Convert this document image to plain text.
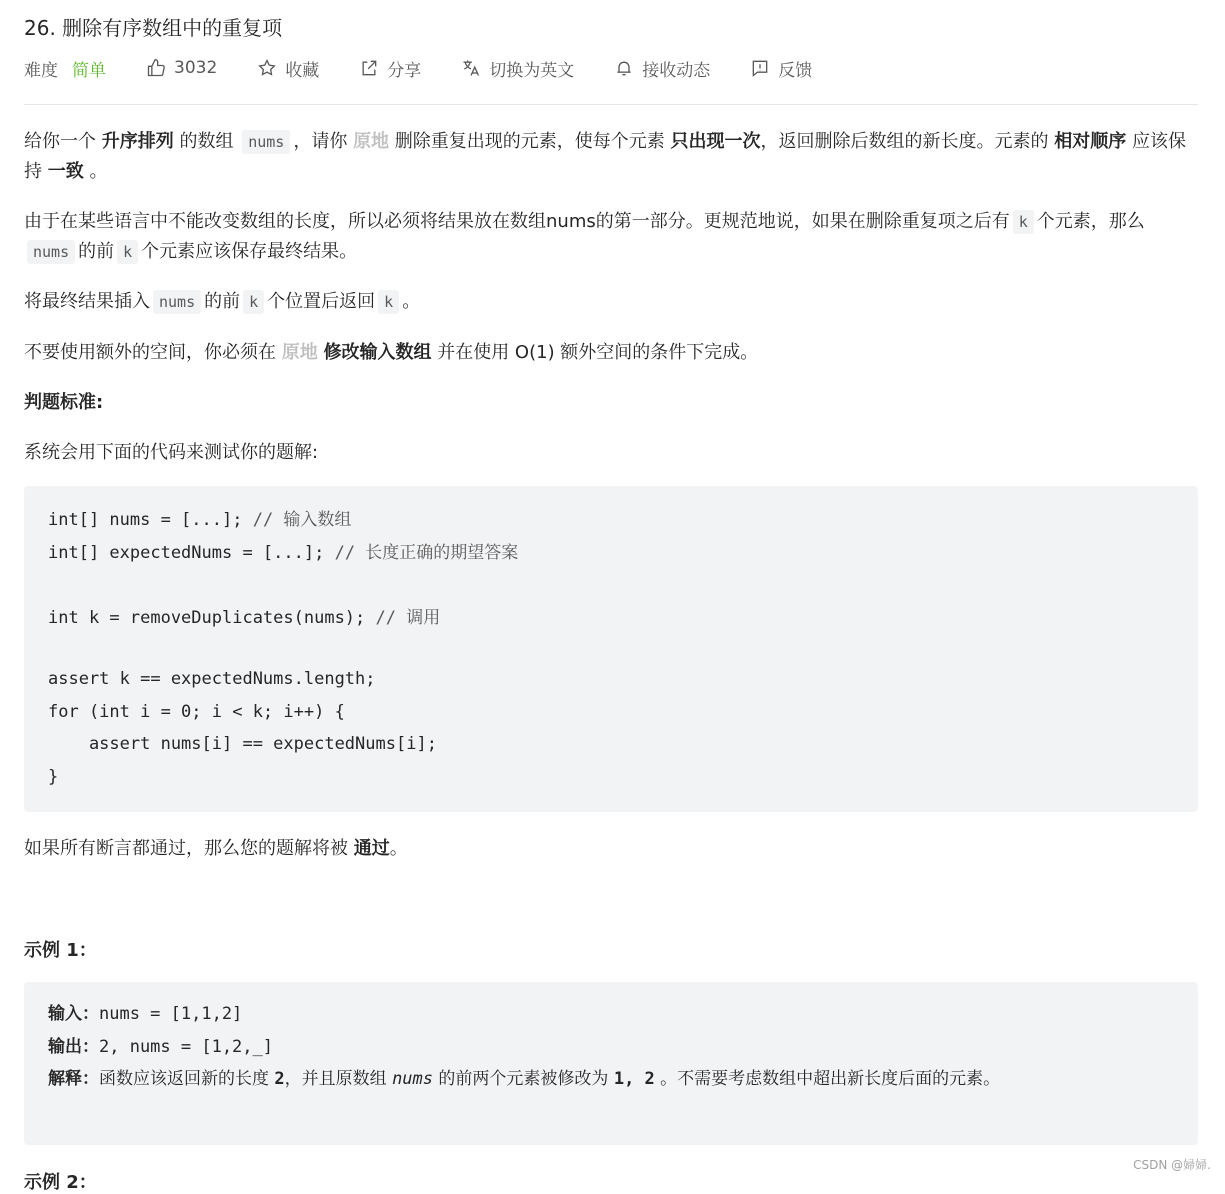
26. 删除有序数组中的重复项
难度 简单	3032	收藏	分享	切换为英文	接收动态	反馈

给你一个 升序排列 的数组 nums ，请你 原地 删除重复出现的元素，使每个元素 只出现一次，返回删除后数组的新长度。元素的 相对顺序 应该保持 一致 。

由于在某些语言中不能改变数组的长度，所以必须将结果放在数组nums的第一部分。更规范地说，如果在删除重复项之后有 k 个元素，那么nums 的前 k 个元素应该保存最终结果。

将最终结果插入 nums 的前 k 个位置后返回 k 。

不要使用额外的空间，你必须在 原地 修改输入数组 并在使用 O(1) 额外空间的条件下完成。

判题标准:

系统会用下面的代码来测试你的题解:

int[] nums = [...]; // 输入数组
int[] expectedNums = [...]; // 长度正确的期望答案
int k = removeDuplicates(nums); // 调用
assert k == expectedNums.length;
for (int i = 0; i < k; i++) {
assert nums[i] == expectedNums[i];
}

如果所有断言都通过，那么您的题解将被 通过。

示例 1：
输入：nums = [1,1,2]
输出：2, nums = [1,2,_]
解释：函数应该返回新的长度 2，并且原数组 nums 的前两个元素被修改为 1, 2 。不需要考虑数组中超出新长度后面的元素。
示例 2：
CSDN @婦婦.
